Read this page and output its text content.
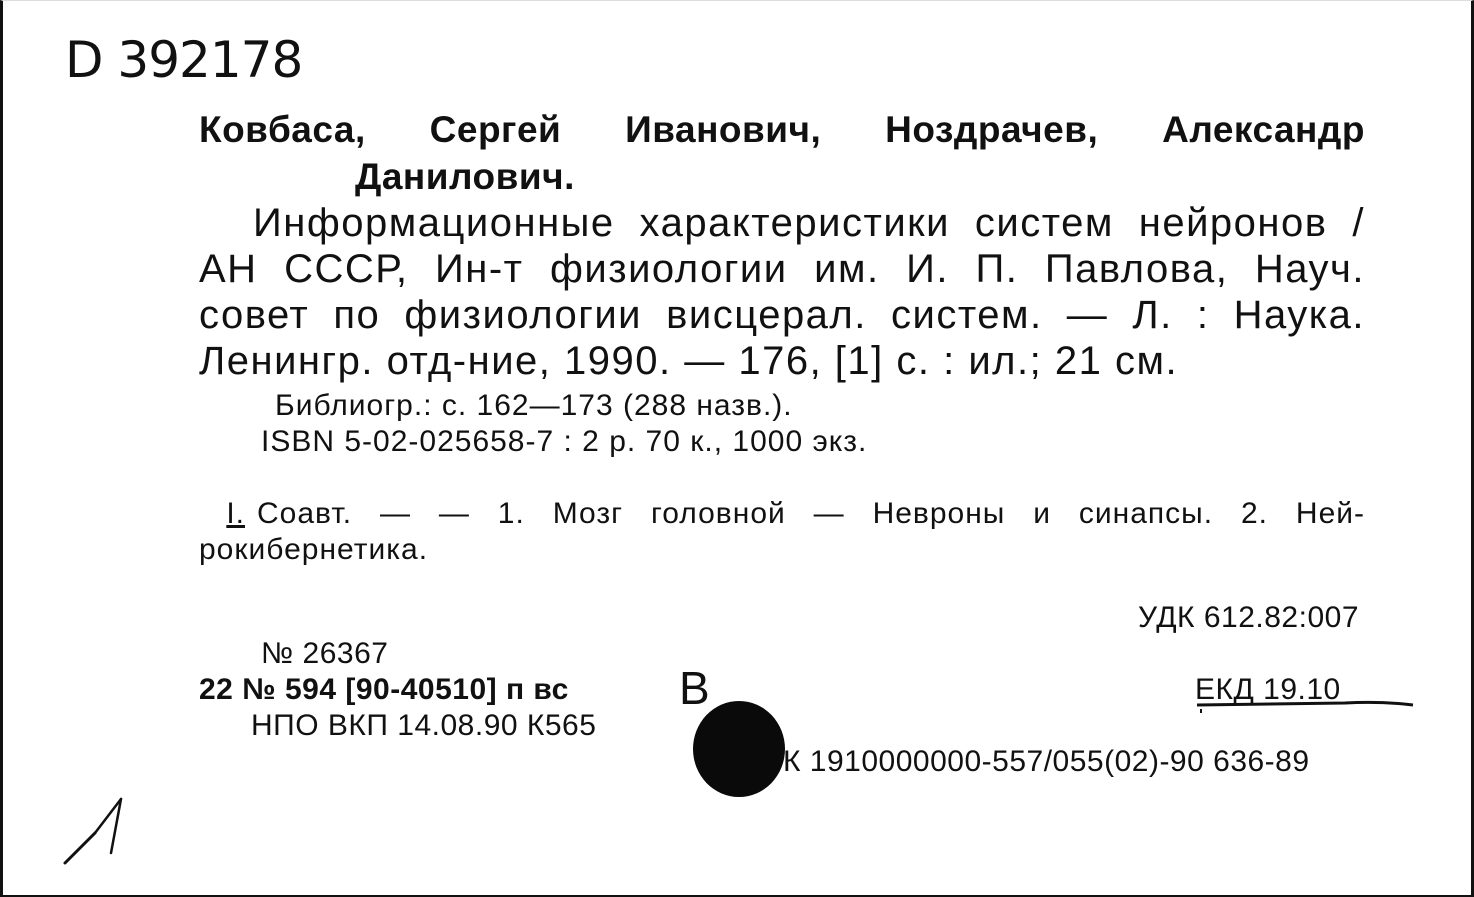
D 392178
Ковбаса, Сергей Иванович, Ноздрачев, Александр
Данилович.
Информационные характеристики систем нейронов /
АН СССР, Ин-т физиологии им. И. П. Павлова, Науч.
совет по физиологии висцерал. систем. — Л. : Наука.
Ленингр. отд-ние, 1990. — 176, [1] с. : ил.; 21 см.
Библиогр.: с. 162—173 (288 назв.).
ISBN 5-02-025658-7 : 2 р. 70 к., 1000 экз.
I. Соавт. — — 1. Мозг головной — Невроны и синапсы. 2. Ней-
рокибернетика.
УДК 612.82:007
№ 26367
22 № 594 [90-40510] п вс
НПО ВКП 14.08.90 К565
В	ЕКД 19.10
К 1910000000-557/055(02)-90 636-89
